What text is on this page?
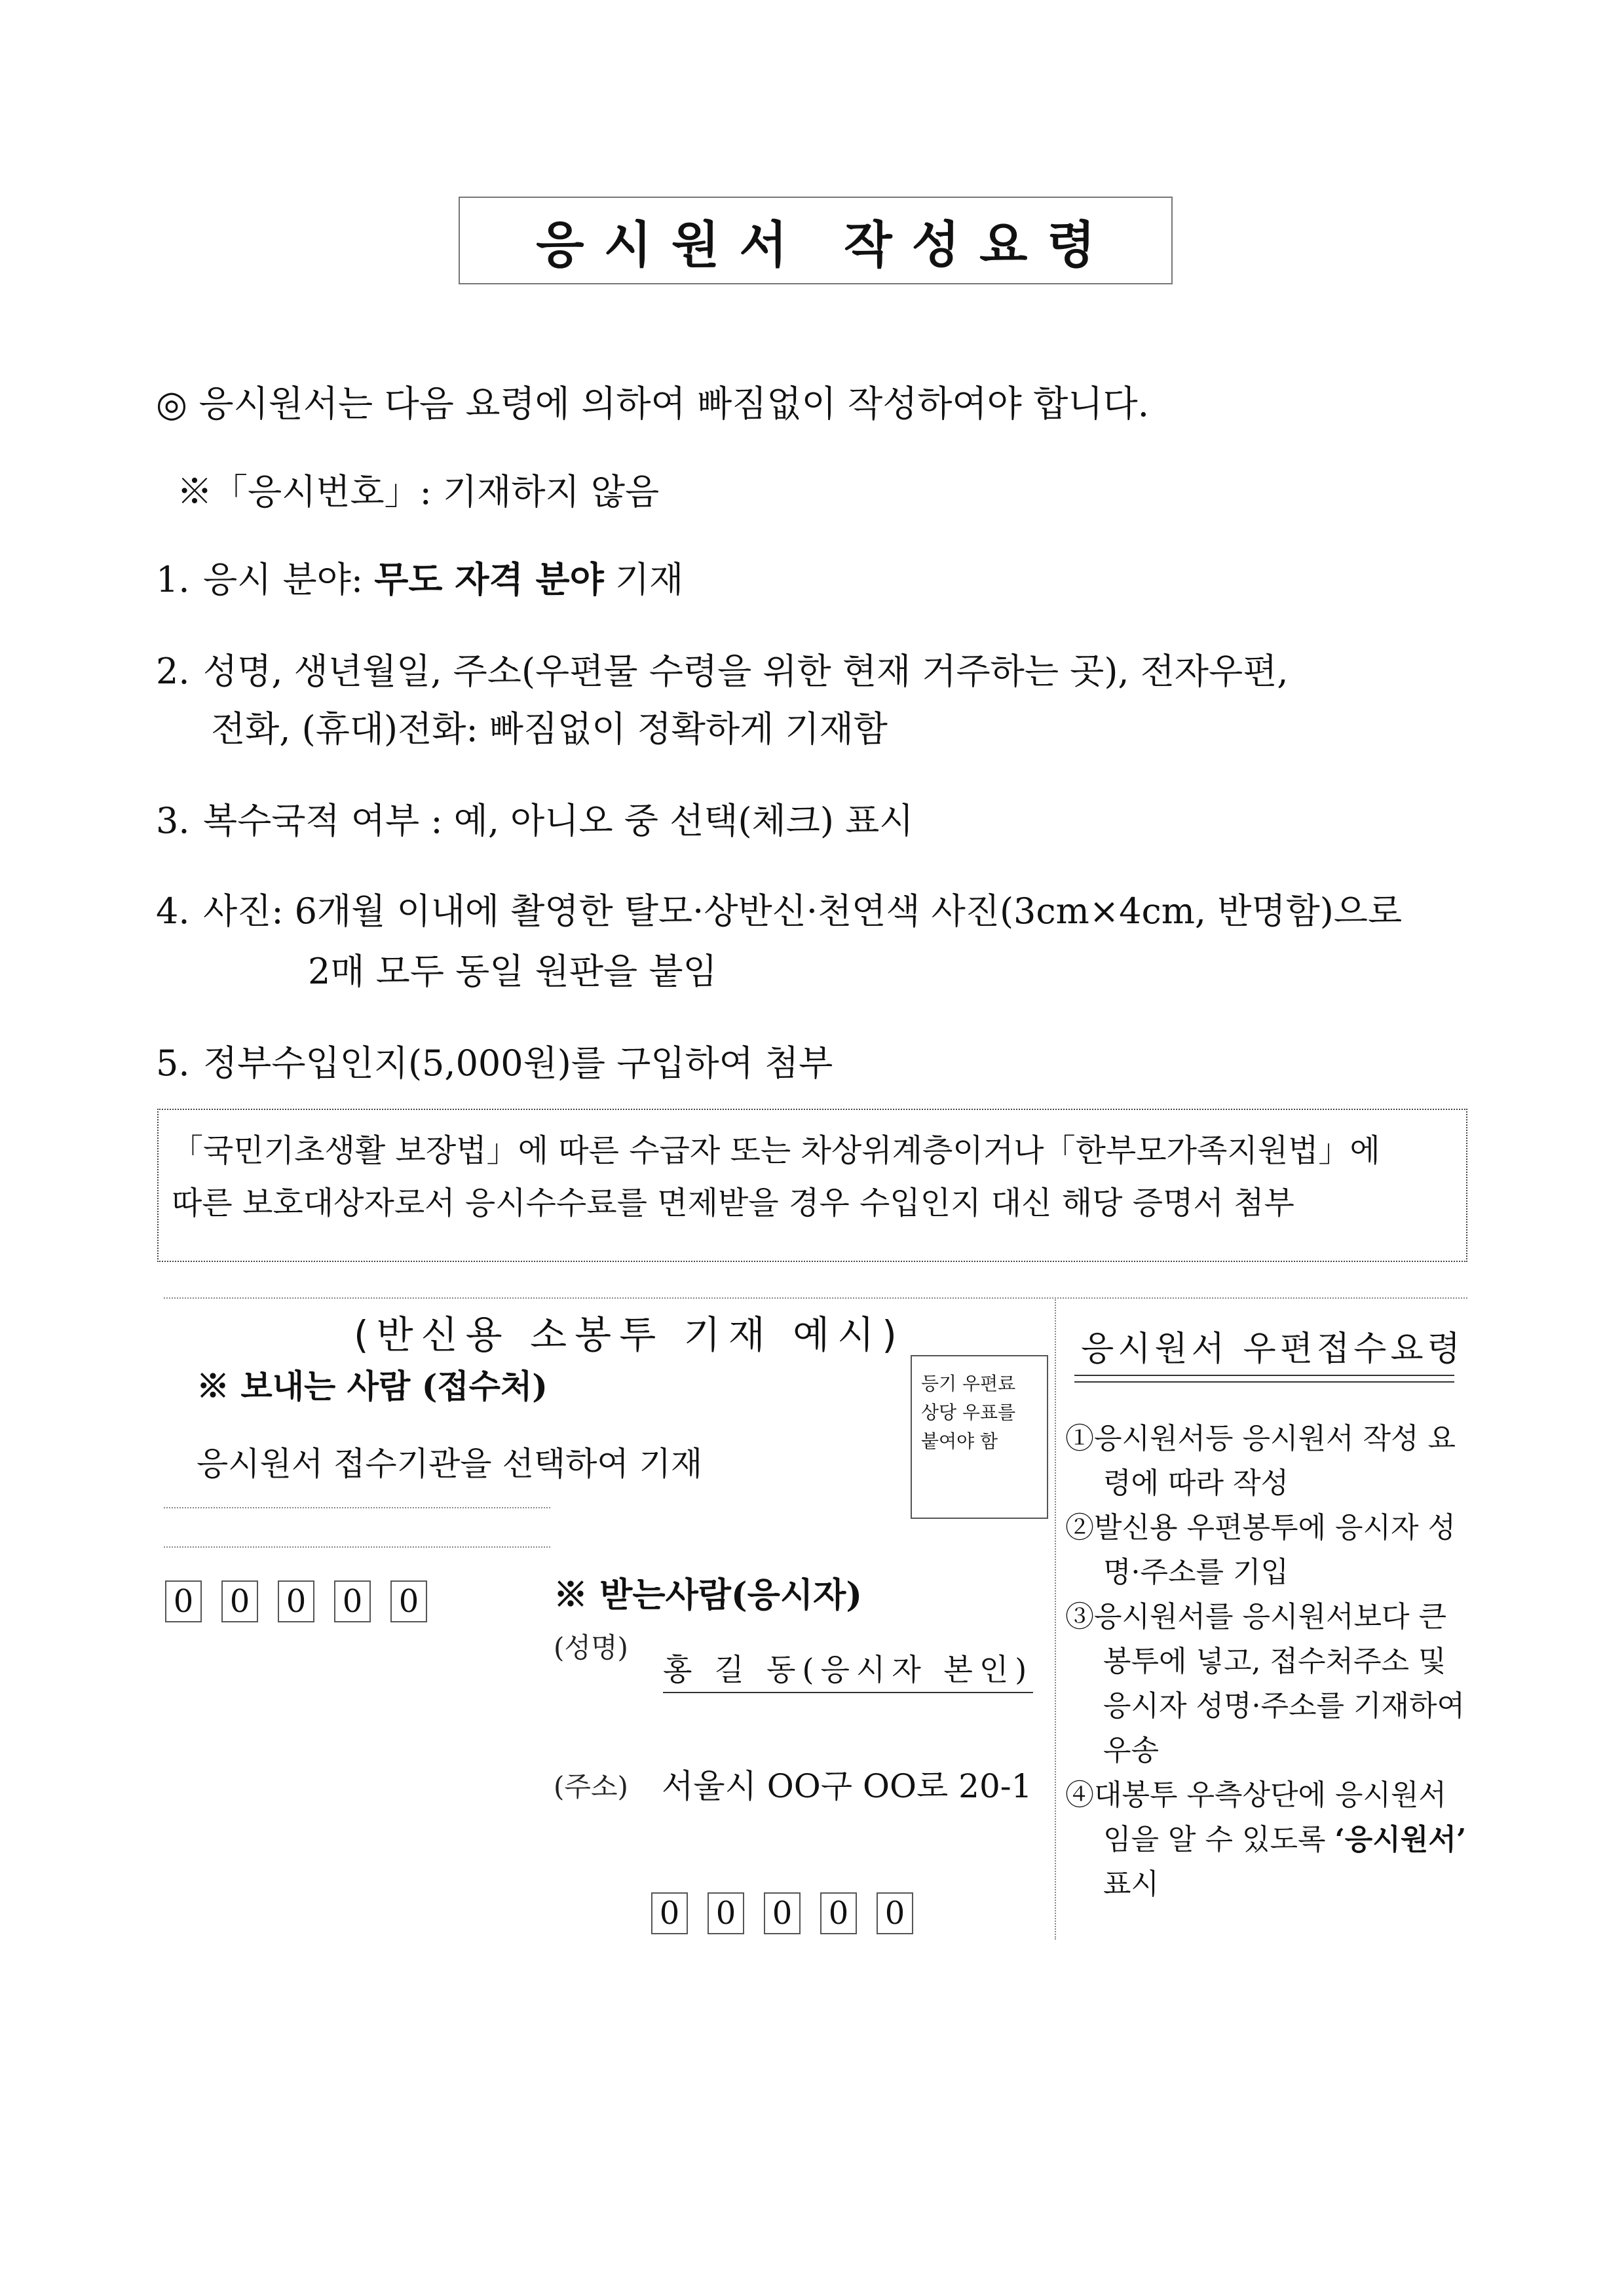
응시원서 작성요령
◎ 응시원서는 다음 요령에 의하여 빠짐없이 작성하여야 합니다.
※「응시번호」: 기재하지 않음
1. 응시 분야: 무도 자격 분야 기재
2. 성명, 생년월일, 주소(우편물 수령을 위한 현재 거주하는 곳), 전자우편,
전화, (휴대)전화: 빠짐없이 정확하게 기재함
3. 복수국적 여부 : 예, 아니오 중 선택(체크) 표시
4. 사진: 6개월 이내에 촬영한 탈모·상반신·천연색 사진(3cm×4cm, 반명함)으로
2매 모두 동일 원판을 붙임
5. 정부수입인지(5,000원)를 구입하여 첨부
「국민기초생활 보장법」에 따른 수급자 또는 차상위계층이거나「한부모가족지원법」에
따른 보호대상자로서 응시수수료를 면제받을 경우 수입인지 대신 해당 증명서 첨부
(반신용 소봉투 기재 예시)
※ 보내는 사람 (접수처)
응시원서 접수기관을 선택하여 기재
등기 우편료
상당 우표를
붙여야 함
0 0 0 0 0	※ 받는사람(응시자)
(성명)
홍 길 동(응시자 본인)
(주소) 서울시 OO구 OO로 20-1
0 0 0 0 0
응시원서 우편접수요령

①응시원서등 응시원서 작성 요령에 따라 작성

②발신용 우편봉투에 응시자 성명·주소를 기입

③응시원서를 응시원서보다 큰 봉투에 넣고, 접수처주소 및 응시자 성명·주소를 기재하여 우송

④대봉투 우측상단에 응시원서 임을 알 수 있도록 ‘응시원서’ 표시
